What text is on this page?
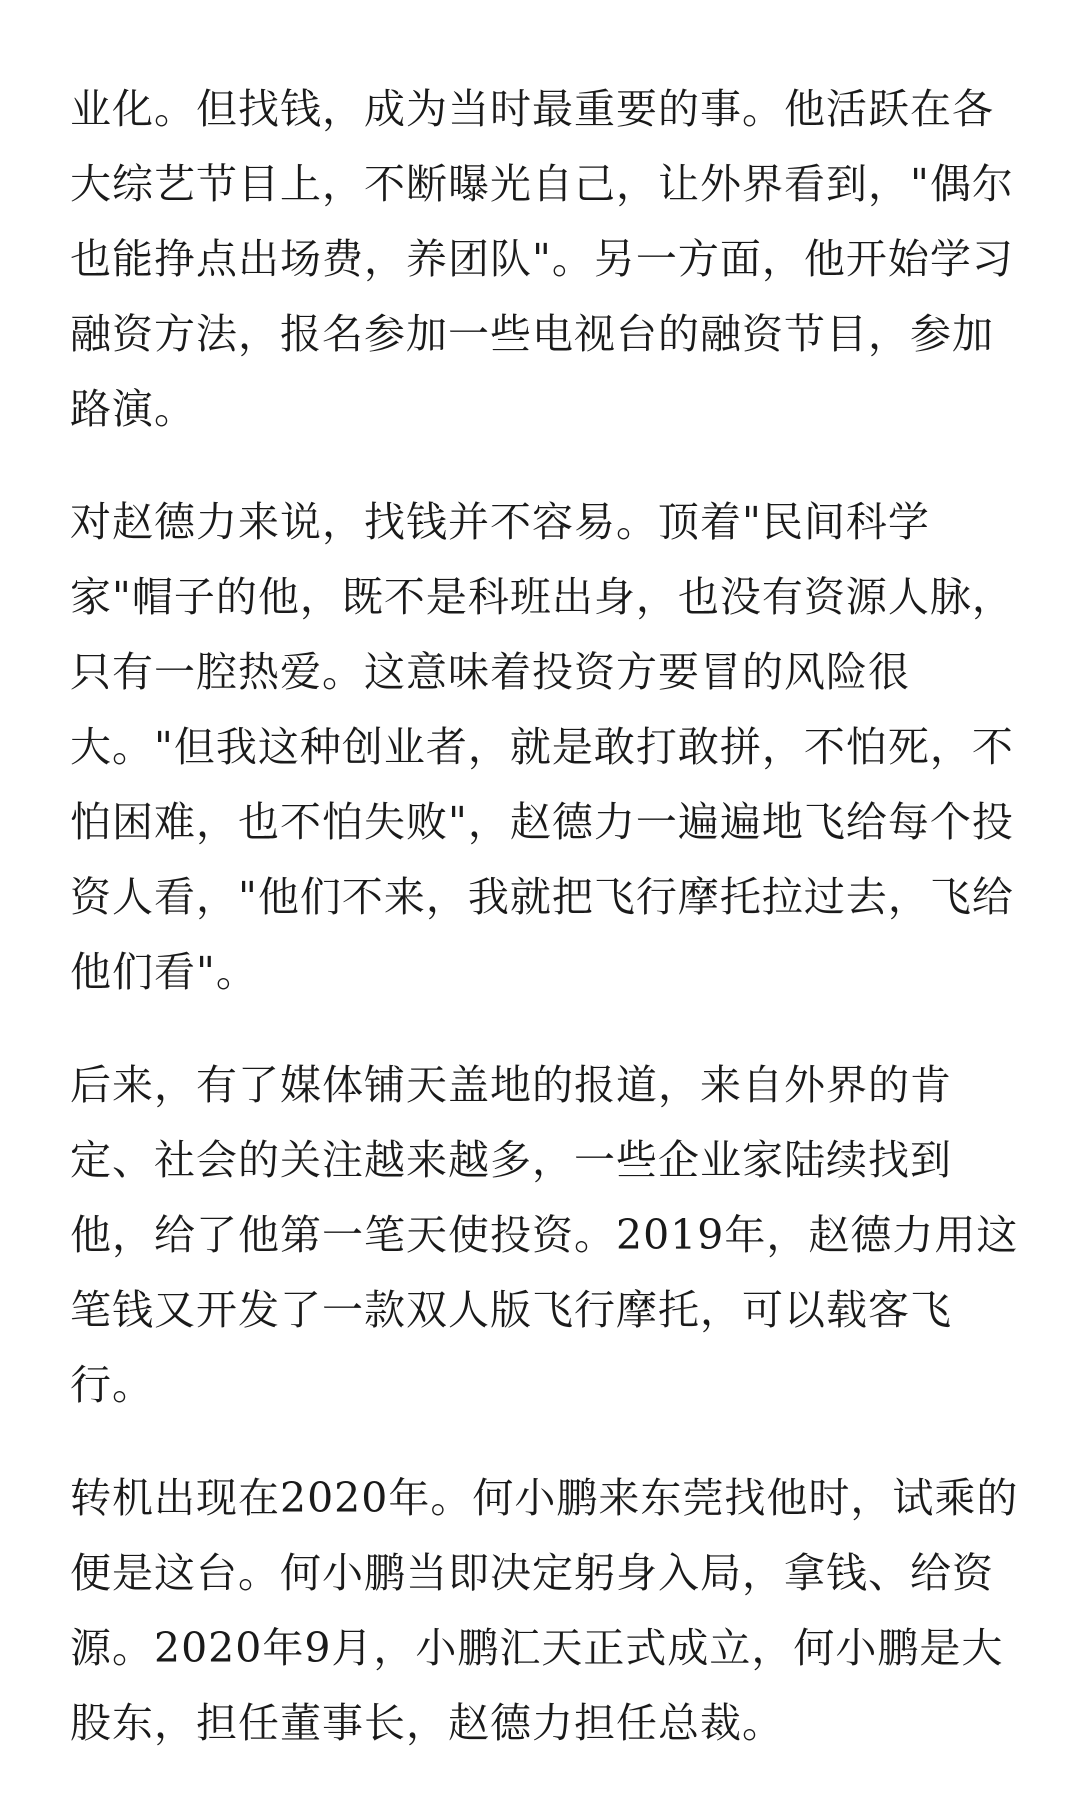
业化。但找钱，成为当时最重要的事。他活跃在各
大综艺节目上，不断曝光自己，让外界看到，"偶尔
也能挣点出场费，养团队"。另一方面，他开始学习
融资方法，报名参加一些电视台的融资节目，参加
路演。
对赵德力来说，找钱并不容易。顶着"民间科学
家"帽子的他，既不是科班出身，也没有资源人脉，
只有一腔热爱。这意味着投资方要冒的风险很
大。"但我这种创业者，就是敢打敢拼，不怕死，不
怕困难，也不怕失败"，赵德力一遍遍地飞给每个投
资人看，"他们不来，我就把飞行摩托拉过去，飞给
他们看"。
后来，有了媒体铺天盖地的报道，来自外界的肯
定、社会的关注越来越多，一些企业家陆续找到
他，给了他第一笔天使投资。2019年，赵德力用这
笔钱又开发了一款双人版飞行摩托，可以载客飞
行。
转机出现在2020年。何小鹏来东莞找他时，试乘的
便是这台。何小鹏当即决定躬身入局，拿钱、给资
源。2020年9月，小鹏汇天正式成立，何小鹏是大
股东，担任董事长，赵德力担任总裁。
